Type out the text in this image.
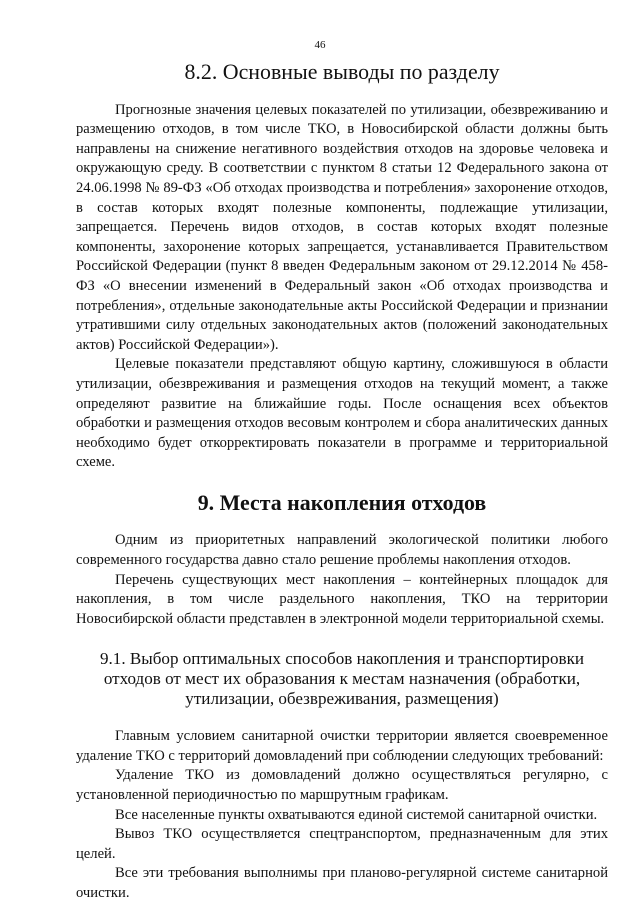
46
8.2. Основные выводы по разделу

Прогнозные значения целевых показателей по утилизации, обезвреживанию и размещению отходов, в том числе ТКО, в Новосибирской области должны быть направлены на снижение негативного воздействия отходов на здоровье человека и окружающую среду. В соответствии с пунктом 8 статьи 12 Федерального закона от 24.06.1998 № 89-ФЗ «Об отходах производства и потребления» захоронение отходов, в состав которых входят полезные компоненты, подлежащие утилизации, запрещается. Перечень видов отходов, в состав которых входят полезные компоненты, захоронение которых запрещается, устанавливается Правительством Российской Федерации (пункт 8 введен Федеральным законом от 29.12.2014 № 458-ФЗ «О внесении изменений в Федеральный закон «Об отходах производства и потребления», отдельные законодательные акты Российской Федерации и признании утратившими силу отдельных законодательных актов (положений законодательных актов) Российской Федерации»).

Целевые показатели представляют общую картину, сложившуюся в области утилизации, обезвреживания и размещения отходов на текущий момент, а также определяют развитие на ближайшие годы. После оснащения всех объектов обработки и размещения отходов весовым контролем и сбора аналитических данных необходимо будет откорректировать показатели в программе и территориальной схеме.

9. Места накопления отходов

Одним из приоритетных направлений экологической политики любого современного государства давно стало решение проблемы накопления отходов.

Перечень существующих мест накопления – контейнерных площадок для накопления, в том числе раздельного накопления, ТКО на территории Новосибирской области представлен в электронной модели территориальной схемы.

9.1. Выбор оптимальных способов накопления и транспортировки отходов от мест их образования к местам назначения (обработки, утилизации, обезвреживания, размещения)

Главным условием санитарной очистки территории является своевременное удаление ТКО с территорий домовладений при соблюдении следующих требований:

Удаление ТКО из домовладений должно осуществляться регулярно, с установленной периодичностью по маршрутным графикам.

Все населенные пункты охватываются единой системой санитарной очистки.

Вывоз ТКО осуществляется спецтранспортом, предназначенным для этих целей.

Все эти требования выполнимы при планово-регулярной системе санитарной очистки.
